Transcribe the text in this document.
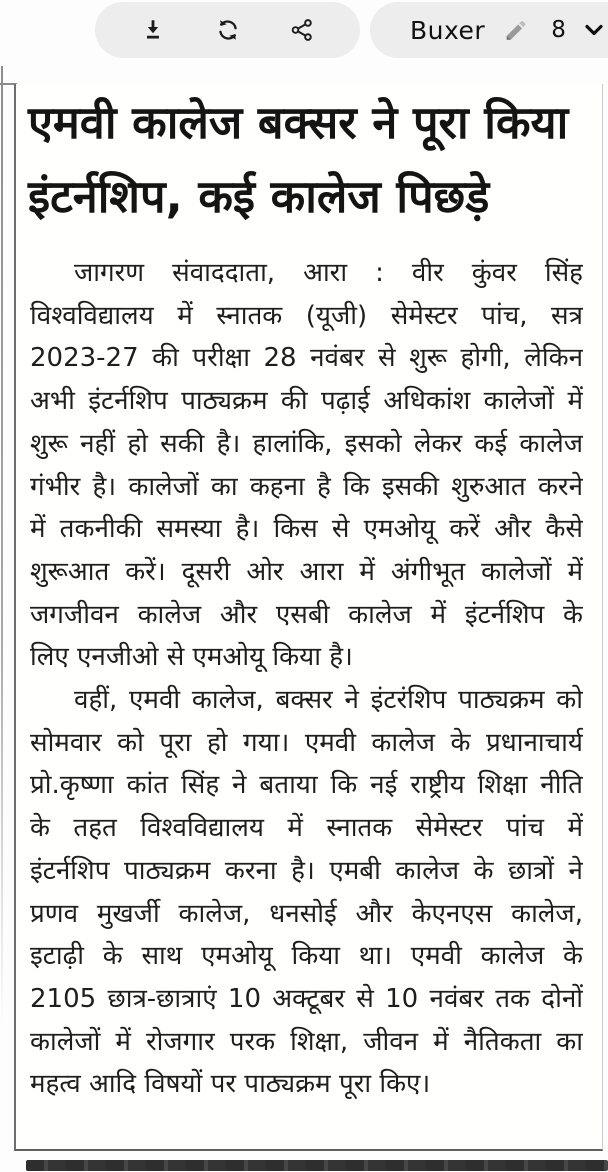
Buxer	8
एमवी कालेज बक्सर ने पूरा किया
इंटर्नशिप, कई कालेज पिछड़े
जागरण संवाददाता, आरा : वीर कुंवर सिंह
विश्वविद्यालय में स्नातक (यूजी) सेमेस्टर पांच, सत्र
2023-27 की परीक्षा 28 नवंबर से शुरू होगी, लेकिन
अभी इंटर्नशिप पाठ्यक्रम की पढ़ाई अधिकांश कालेजों में
शुरू नहीं हो सकी है। हालांकि, इसको लेकर कई कालेज
गंभीर है। कालेजों का कहना है कि इसकी शुरुआत करने
में तकनीकी समस्या है। किस से एमओयू करें और कैसे
शुरूआत करें। दूसरी ओर आरा में अंगीभूत कालेजों में
जगजीवन कालेज और एसबी कालेज में इंटर्नशिप के
लिए एनजीओ से एमओयू किया है।
वहीं, एमवी कालेज, बक्सर ने इंटरंशिप पाठ्यक्रम को
सोमवार को पूरा हो गया। एमवी कालेज के प्रधानाचार्य
प्रो.कृष्णा कांत सिंह ने बताया कि नई राष्ट्रीय शिक्षा नीति
के तहत विश्वविद्यालय में स्नातक सेमेस्टर पांच में
इंटर्नशिप पाठ्यक्रम करना है। एमबी कालेज के छात्रों ने
प्रणव मुखर्जी कालेज, धनसोई और केएनएस कालेज,
इटाढ़ी के साथ एमओयू किया था। एमवी कालेज के
2105 छात्र-छात्राएं 10 अक्टूबर से 10 नवंबर तक दोनों
कालेजों में रोजगार परक शिक्षा, जीवन में नैतिकता का
महत्व आदि विषयों पर पाठ्यक्रम पूरा किए।
